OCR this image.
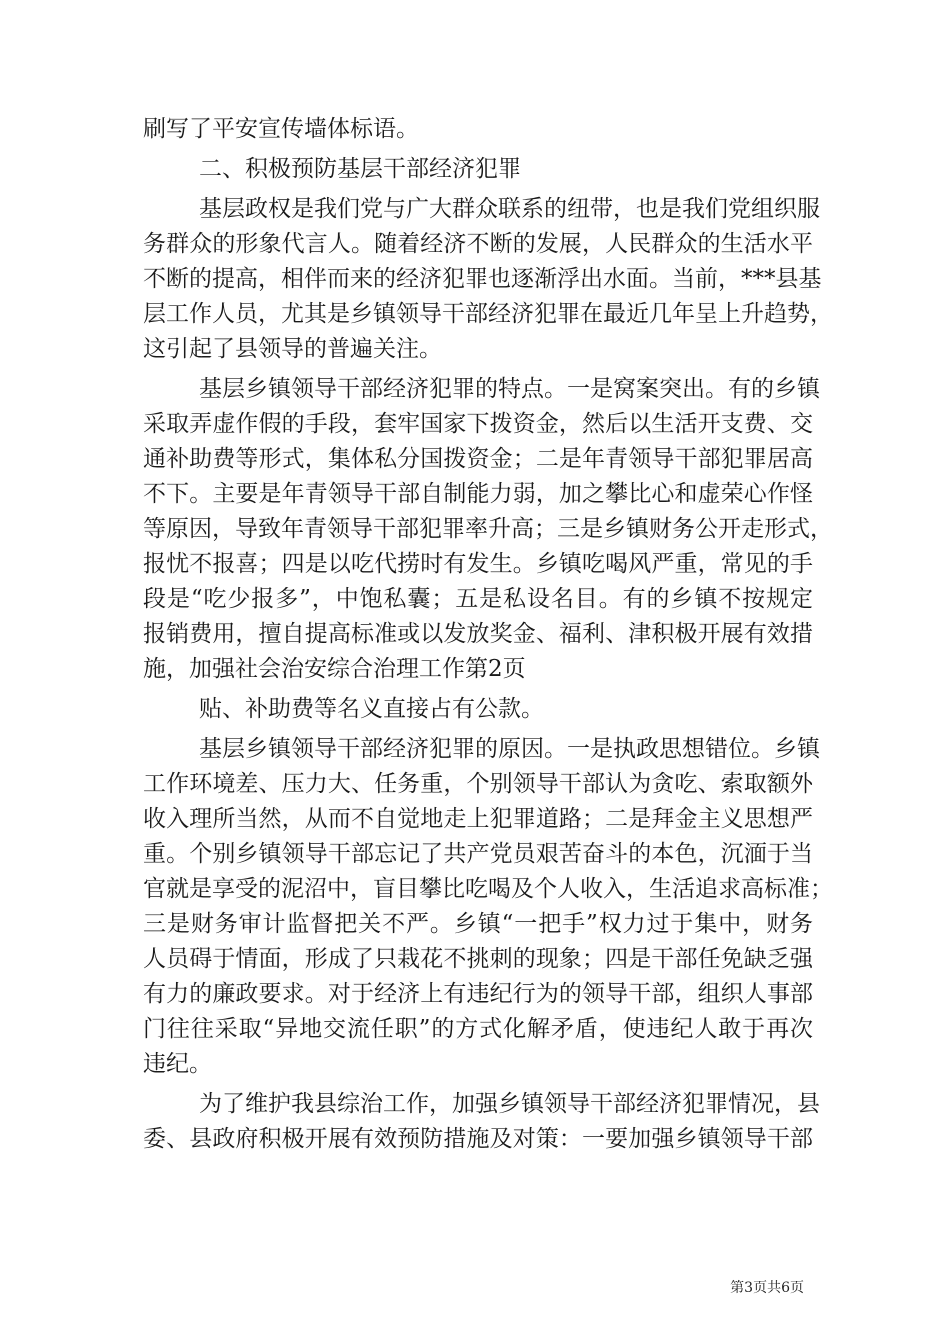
刷写了平安宣传墙体标语。
二、积极预防基层干部经济犯罪
基层政权是我们党与广大群众联系的纽带，也是我们党组织服
务群众的形象代言人。随着经济不断的发展，人民群众的生活水平
不断的提高，相伴而来的经济犯罪也逐渐浮出水面。当前，***县基
层工作人员，尤其是乡镇领导干部经济犯罪在最近几年呈上升趋势，
这引起了县领导的普遍关注。
基层乡镇领导干部经济犯罪的特点。一是窝案突出。有的乡镇
采取弄虚作假的手段，套牢国家下拨资金，然后以生活开支费、交
通补助费等形式，集体私分国拨资金；二是年青领导干部犯罪居高
不下。主要是年青领导干部自制能力弱，加之攀比心和虚荣心作怪
等原因，导致年青领导干部犯罪率升高；三是乡镇财务公开走形式，
报忧不报喜；四是以吃代捞时有发生。乡镇吃喝风严重，常见的手
段是“吃少报多”，中饱私囊；五是私设名目。有的乡镇不按规定
报销费用，擅自提高标准或以发放奖金、福利、津积极开展有效措
施，加强社会治安综合治理工作第2页
贴、补助费等名义直接占有公款。
基层乡镇领导干部经济犯罪的原因。一是执政思想错位。乡镇
工作环境差、压力大、任务重，个别领导干部认为贪吃、索取额外
收入理所当然，从而不自觉地走上犯罪道路；二是拜金主义思想严
重。个别乡镇领导干部忘记了共产党员艰苦奋斗的本色，沉湎于当
官就是享受的泥沼中，盲目攀比吃喝及个人收入，生活追求高标准；
三是财务审计监督把关不严。乡镇“一把手”权力过于集中，财务
人员碍于情面，形成了只栽花不挑刺的现象；四是干部任免缺乏强
有力的廉政要求。对于经济上有违纪行为的领导干部，组织人事部
门往往采取“异地交流任职”的方式化解矛盾，使违纪人敢于再次
违纪。
为了维护我县综治工作，加强乡镇领导干部经济犯罪情况，县
委、县政府积极开展有效预防措施及对策：一要加强乡镇领导干部
第3页共6页
